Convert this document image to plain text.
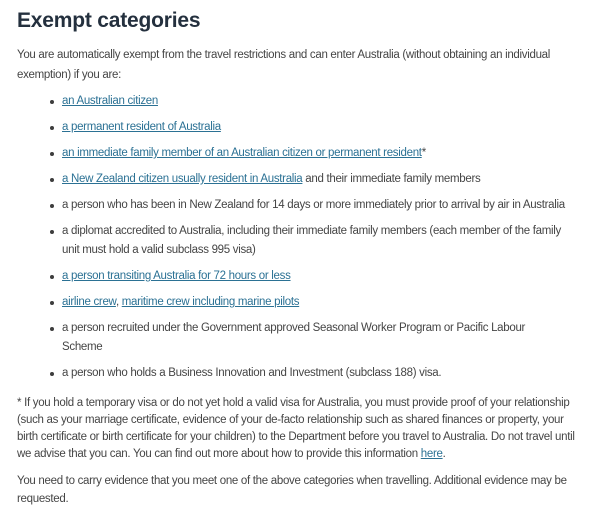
Exempt categories

You are automatically exempt from the travel restrictions and can enter Australia (without obtaining an individual exemption) if you are:

an Australian citizen
a permanent resident of Australia
an immediate family member of an Australian citizen or permanent resident*
a New Zealand citizen usually resident in Australia and their immediate family members
a person who has been in New Zealand for 14 days or more immediately prior to arrival by air in Australia
a diplomat accredited to Australia, including their immediate family members (each member of the family unit must hold a valid subclass 995 visa)
a person transiting Australia for 72 hours or less
airline crew, maritime crew including marine pilots
a person recruited under the Government approved Seasonal Worker Program or Pacific Labour Scheme
a person who holds a Business Innovation and Investment (subclass 188) visa.

* If you hold a temporary visa or do not yet hold a valid visa for Australia, you must provide proof of your relationship (such as your marriage certificate, evidence of your de-facto relationship such as shared finances or property, your birth certificate or birth certificate for your children) to the Department before you travel to Australia. Do not travel until we advise that you can. You can find out more about how to provide this information here.

You need to carry evidence that you meet one of the above categories when travelling. Additional evidence may be requested.
